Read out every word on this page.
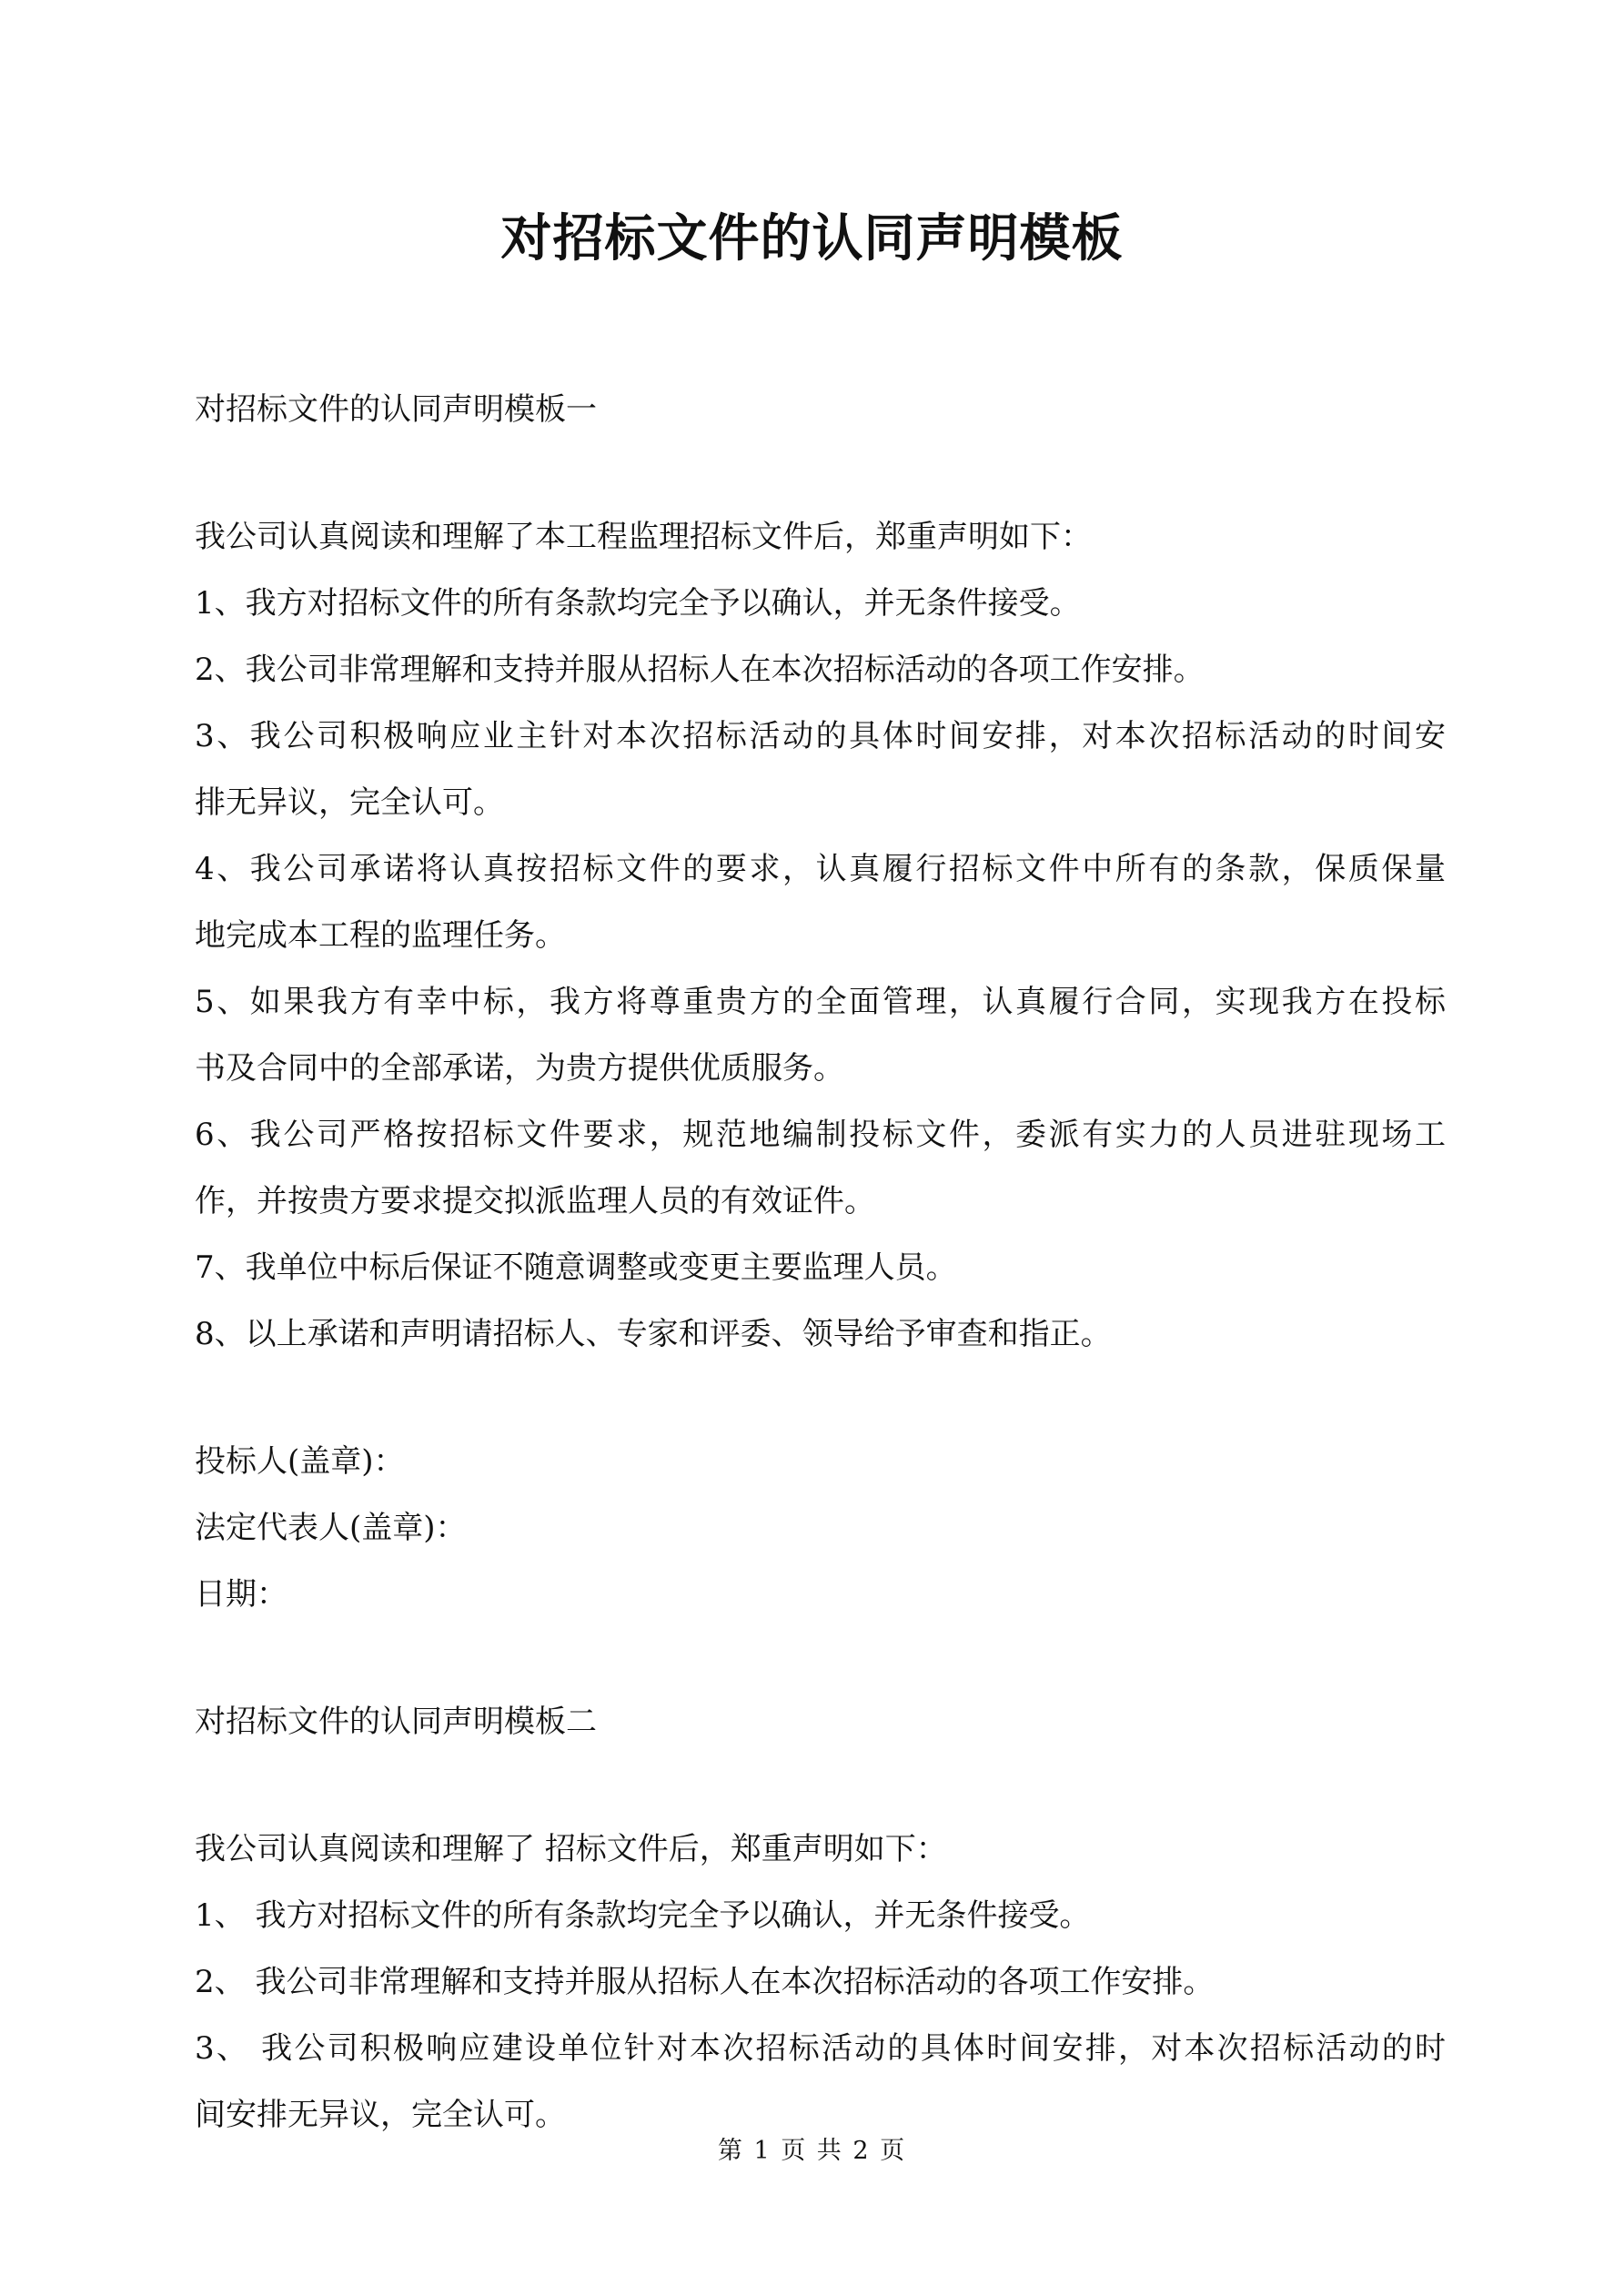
对招标文件的认同声明模板

对招标文件的认同声明模板一

我公司认真阅读和理解了本工程监理招标文件后，郑重声明如下：

1、我方对招标文件的所有条款均完全予以确认，并无条件接受。

2、我公司非常理解和支持并服从招标人在本次招标活动的各项工作安排。

3、我公司积极响应业主针对本次招标活动的具体时间安排，对本次招标活动的时间安

排无异议，完全认可。

4、我公司承诺将认真按招标文件的要求，认真履行招标文件中所有的条款，保质保量

地完成本工程的监理任务。

5、如果我方有幸中标，我方将尊重贵方的全面管理，认真履行合同，实现我方在投标

书及合同中的全部承诺，为贵方提供优质服务。

6、我公司严格按招标文件要求，规范地编制投标文件，委派有实力的人员进驻现场工

作，并按贵方要求提交拟派监理人员的有效证件。

7、我单位中标后保证不随意调整或变更主要监理人员。

8、以上承诺和声明请招标人、专家和评委、领导给予审查和指正。

投标人(盖章)：

法定代表人(盖章)：

日期：

对招标文件的认同声明模板二

我公司认真阅读和理解了 招标文件后，郑重声明如下：

1、 我方对招标文件的所有条款均完全予以确认，并无条件接受。

2、 我公司非常理解和支持并服从招标人在本次招标活动的各项工作安排。

3、 我公司积极响应建设单位针对本次招标活动的具体时间安排，对本次招标活动的时

间安排无异议，完全认可。

第 1 页 共 2 页
